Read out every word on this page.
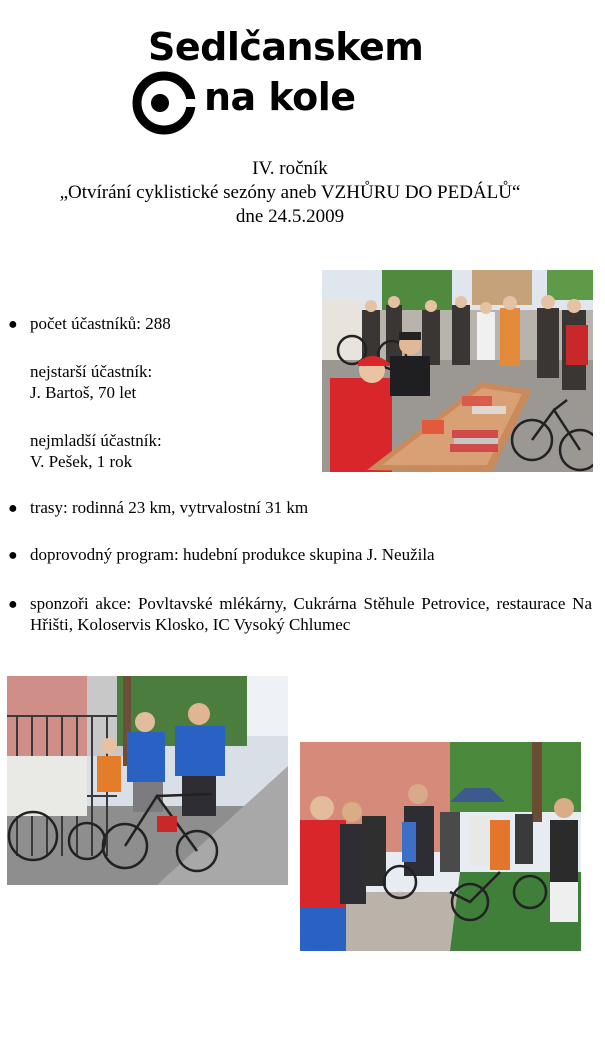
Sedlčanskem
na kole
IV. ročník
„Otvírání cyklistické sezóny aneb VZHŮRU DO PEDÁLŮ“
dne 24.5.2009
● počet účastníků: 288
nejstarší účastník:
J. Bartoš, 70 let
nejmladší účastník:
V. Pešek, 1 rok
● trasy: rodinná 23 km, vytrvalostní 31 km
● doprovodný program: hudební produkce skupina J. Neužila
● sponzoři akce: Povltavské mlékárny, Cukrárna Stěhule Petrovice, restaurace Na Hřišti, Koloservis Klosko, IC Vysoký Chlumec
